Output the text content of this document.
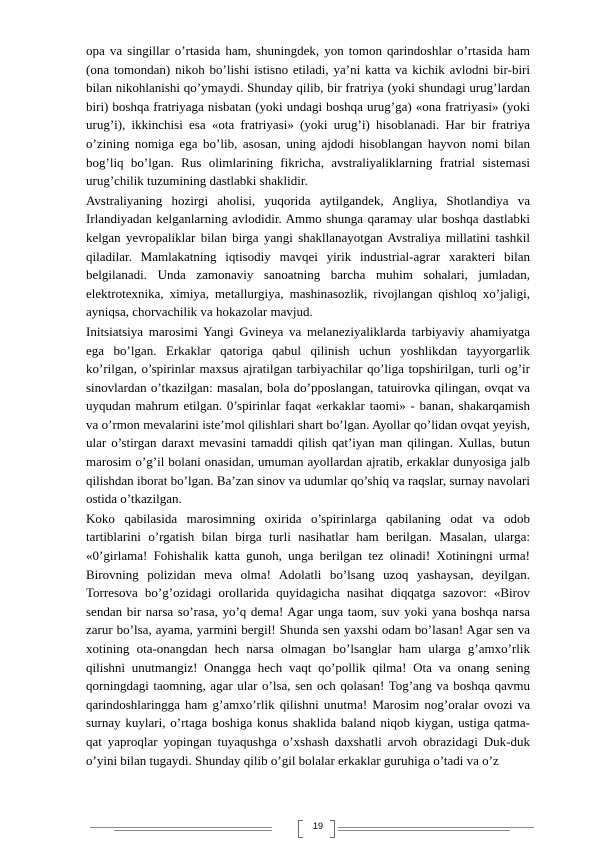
opa va singillar o’rtasida ham, shuningdek, yon tomon qarindoshlar o’rtasida ham (ona tomondan) nikoh bo’lishi istisno etiladi, ya’ni katta va kichik avlodni bir-biri bilan nikohlanishi qo’ymaydi. Shunday qilib, bir fratriya (yoki shundagi urug’lardan biri) boshqa fratriyaga nisbatan (yoki undagi boshqa urug’ga) «ona fratriyasi» (yoki urug’i), ikkinchisi esa «ota fratriyasi» (yoki urug’i) hisoblanadi. Har bir fratriya o’zining nomiga ega bo’lib, asosan, uning ajdodi hisoblangan hayvon nomi bilan bog’liq bo’lgan. Rus olimlarining fikricha, avstraliyaliklarning fratrial sistemasi urug’chilik tuzumining dastlabki shaklidir.

Avstraliyaning hozirgi aholisi, yuqorida aytilgandek, Angliya, Shotlandiya va Irlandiyadan kelganlarning avlodidir. Ammo shunga qaramay ular boshqa dastlabki kelgan yevropaliklar bilan birga yangi shakllanayotgan Avstraliya millatini tashkil qiladilar. Mamlakatning iqtisodiy mavqei yirik industrial-agrar xarakteri bilan belgilanadi. Unda zamonaviy sanoatning barcha muhim sohalari, jumladan, elektrotexnika, ximiya, metallurgiya, mashinasozlik, rivojlangan qishloq xo’jaligi, ayniqsa, chorvachilik va hokazolar mavjud.

Initsiatsiya marosimi Yangi Gvineya va melaneziyaliklarda tarbiyaviy ahamiyatga ega bo’lgan. Erkaklar qatoriga qabul qilinish uchun yoshlikdan tayyorgarlik ko’rilgan, o’spirinlar maxsus ajratilgan tarbiyachilar qo’liga topshirilgan, turli og’ir sinovlardan o’tkazilgan: masalan, bola do’pposlangan, tatuirovka qilingan, ovqat va uyqudan mahrum etilgan. 0’spirinlar faqat «erkaklar taomi» - banan, shakarqamish va o’rmon mevalarini iste’mol qilishlari shart bo’lgan. Ayollar qo’lidan ovqat yeyish, ular o’stirgan daraxt mevasini tamaddi qilish qat’iyan man qilingan. Xullas, butun marosim o’g’il bolani onasidan, umuman ayollardan ajratib, erkaklar dunyosiga jalb qilishdan iborat bo’lgan. Ba’zan sinov va udumlar qo’shiq va raqslar, surnay navolari ostida o’tkazilgan.

Koko qabilasida marosimning oxirida o’spirinlarga qabilaning odat va odob tartiblarini o’rgatish bilan birga turli nasihatlar ham berilgan. Masalan, ularga: «0’girlama! Fohishalik katta gunoh, unga berilgan tez olinadi! Xotiningni urma! Birovning polizidan meva olma! Adolatli bo’lsang uzoq yashaysan, deyilgan. Torresova bo’g’ozidagi orollarida quyidagicha nasihat diqqatga sazovor: «Birov sendan bir narsa so’rasa, yo’q dema! Agar unga taom, suv yoki yana boshqa narsa zarur bo’lsa, ayama, yarmini bergil! Shunda sen yaxshi odam bo’lasan! Agar sen va xotining ota-onangdan hech narsa olmagan bo’lsanglar ham ularga g’amxo’rlik qilishni unutmangiz! Onangga hech vaqt qo’pollik qilma! Ota va onang sening qorningdagi taomning, agar ular o’lsa, sen och qolasan! Tog’ang va boshqa qavmu qarindoshlaringga ham g’amxo’rlik qilishni unutma! Marosim nog’oralar ovozi va surnay kuylari, o’rtaga boshiga konus shaklida baland niqob kiygan, ustiga qatma-qat yaproqlar yopingan tuyaqushga o’xshash daxshatli arvoh obrazidagi Duk-duk o’yini bilan tugaydi. Shunday qilib o’gil bolalar erkaklar guruhiga o’tadi va o’z

19
